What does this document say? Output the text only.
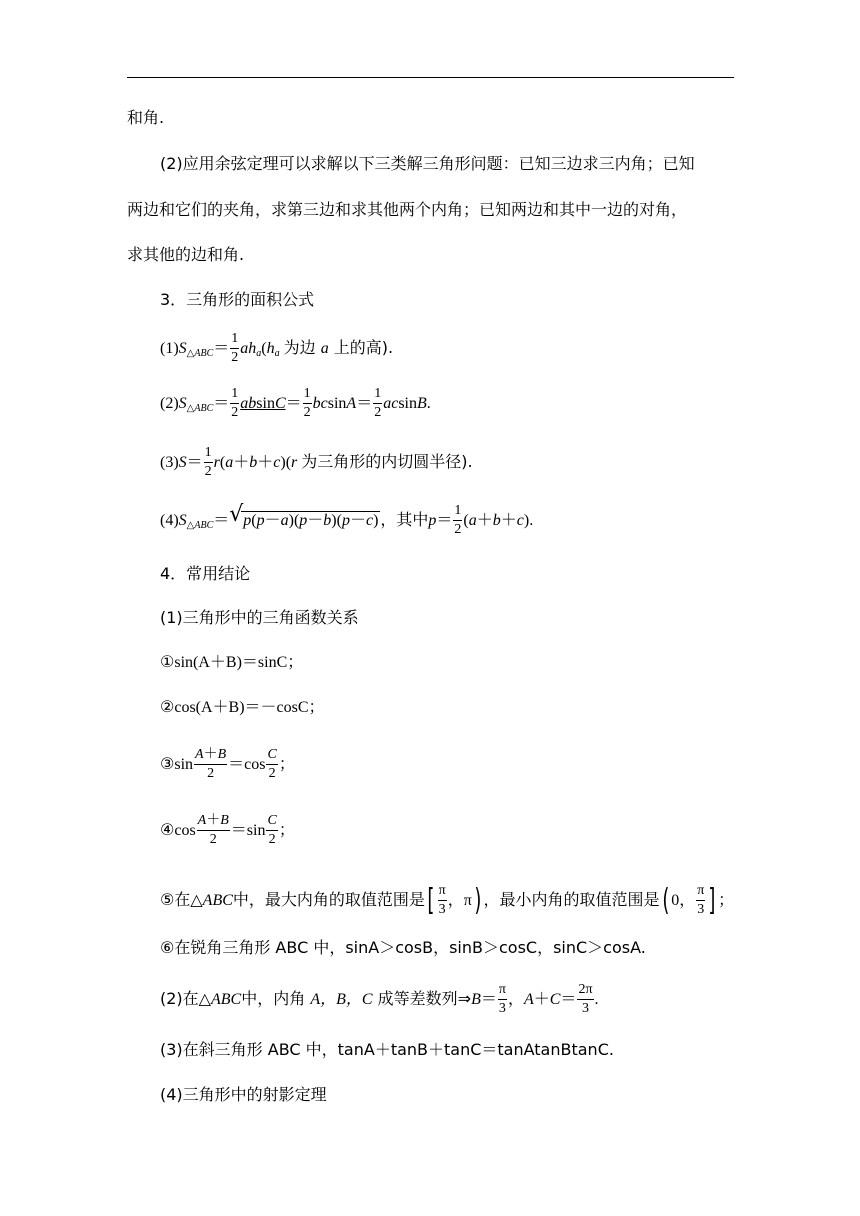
和角.
(2)应用余弦定理可以求解以下三类解三角形问题：已知三边求三内角；已知
两边和它们的夹角，求第三边和求其他两个内角；已知两边和其中一边的对角，
求其他的边和角.
3．三角形的面积公式
$(1)S_{\triangle ABC}= \frac{1}{2} ah_a(h_a$ 为边 a 上的高).
$(2)S_{\triangle ABC}= \frac{1}{2} absinC= \frac{1}{2} bcsinA= \frac{1}{2} acsinB$.
$(3)S= \frac{1}{2} r(a+b+c)(r$ 为三角形的内切圆半径).
$(4)S_{\triangle ABC}=$ √ p(p－a)(p－b)(p－c) ，其中$p= \frac{1}{2} (a+b+c)$.
4．常用结论
(1)三角形中的三角函数关系
①sin(A＋B)＝sinC；
②cos(A＋B)＝－cosC；
③sin $\frac{A+B}{2} =\cos \frac{C}{2}$ ；
④cos $\frac{A+B}{2} =\sin \frac{C}{2}$ ；
⑤在△ABC中，最大内角的取值范围是[ $\frac{\pi}{3}$ ，π) ，最小内角的取值范围是( 0， $\frac{\pi}{3}$ ] ；
⑥在锐角三角形 ABC 中，sinA＞cosB，sinB＞cosC，sinC＞cosA.
(2)在△ABC中，内角 A，B，C 成等差数列⇒B＝ $\frac{\pi}{3}$ ，$A+C= \frac{2\pi}{3}$ .
(3)在斜三角形 ABC 中，tanA＋tanB＋tanC＝tanAtanBtanC.
(4)三角形中的射影定理
